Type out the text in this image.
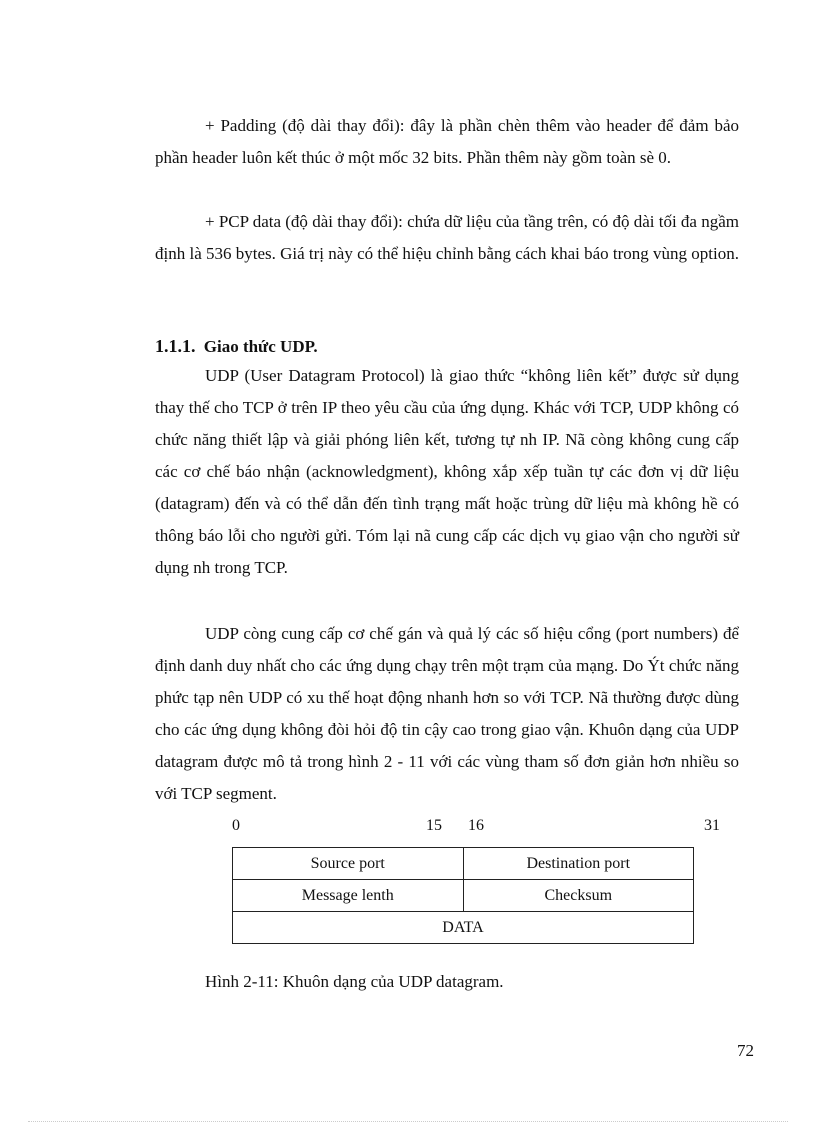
+ Padding (độ dài thay đổi): đây là phần chèn thêm vào header để đảm bảo phần header luôn kết thúc ở một mốc 32 bits. Phần thêm này gồm toàn sè 0.

+ PCP data (độ dài thay đổi): chứa dữ liệu của tầng trên, có độ dài tối đa ngầm định là 536 bytes. Giá trị này có thể hiệu chỉnh bằng cách khai báo trong vùng option.

1.1.1. Giao thức UDP.

UDP (User Datagram Protocol) là giao thức “không liên kết” được sử dụng thay thế cho TCP ở trên IP theo yêu cầu của ứng dụng. Khác với TCP, UDP không có chức năng thiết lập và giải phóng liên kết, tương tự nh IP. Nã còng không cung cấp các cơ chế báo nhận (acknowledgment), không xắp xếp tuần tự các đơn vị dữ liệu (datagram) đến và có thể dẫn đến tình trạng mất hoặc trùng dữ liệu mà không hề có thông báo lỗi cho người gửi. Tóm lại nã cung cấp các dịch vụ giao vận cho người sử dụng nh trong TCP.

UDP còng cung cấp cơ chế gán và quả lý các số hiệu cổng (port numbers) để định danh duy nhất cho các ứng dụng chạy trên một trạm của mạng. Do Ýt chức năng phức tạp nên UDP có xu thế hoạt động nhanh hơn so với TCP. Nã thường được dùng cho các ứng dụng không đòi hỏi độ tin cậy cao trong giao vận. Khuôn dạng của UDP datagram được mô tả trong hình 2 - 11 với các vùng tham số đơn giản hơn nhiều so với TCP segment.

0	15 16	31
Source port	Destination port
Message lenth	Checksum
DATA	

Hình 2-11: Khuôn dạng của UDP datagram.

72
